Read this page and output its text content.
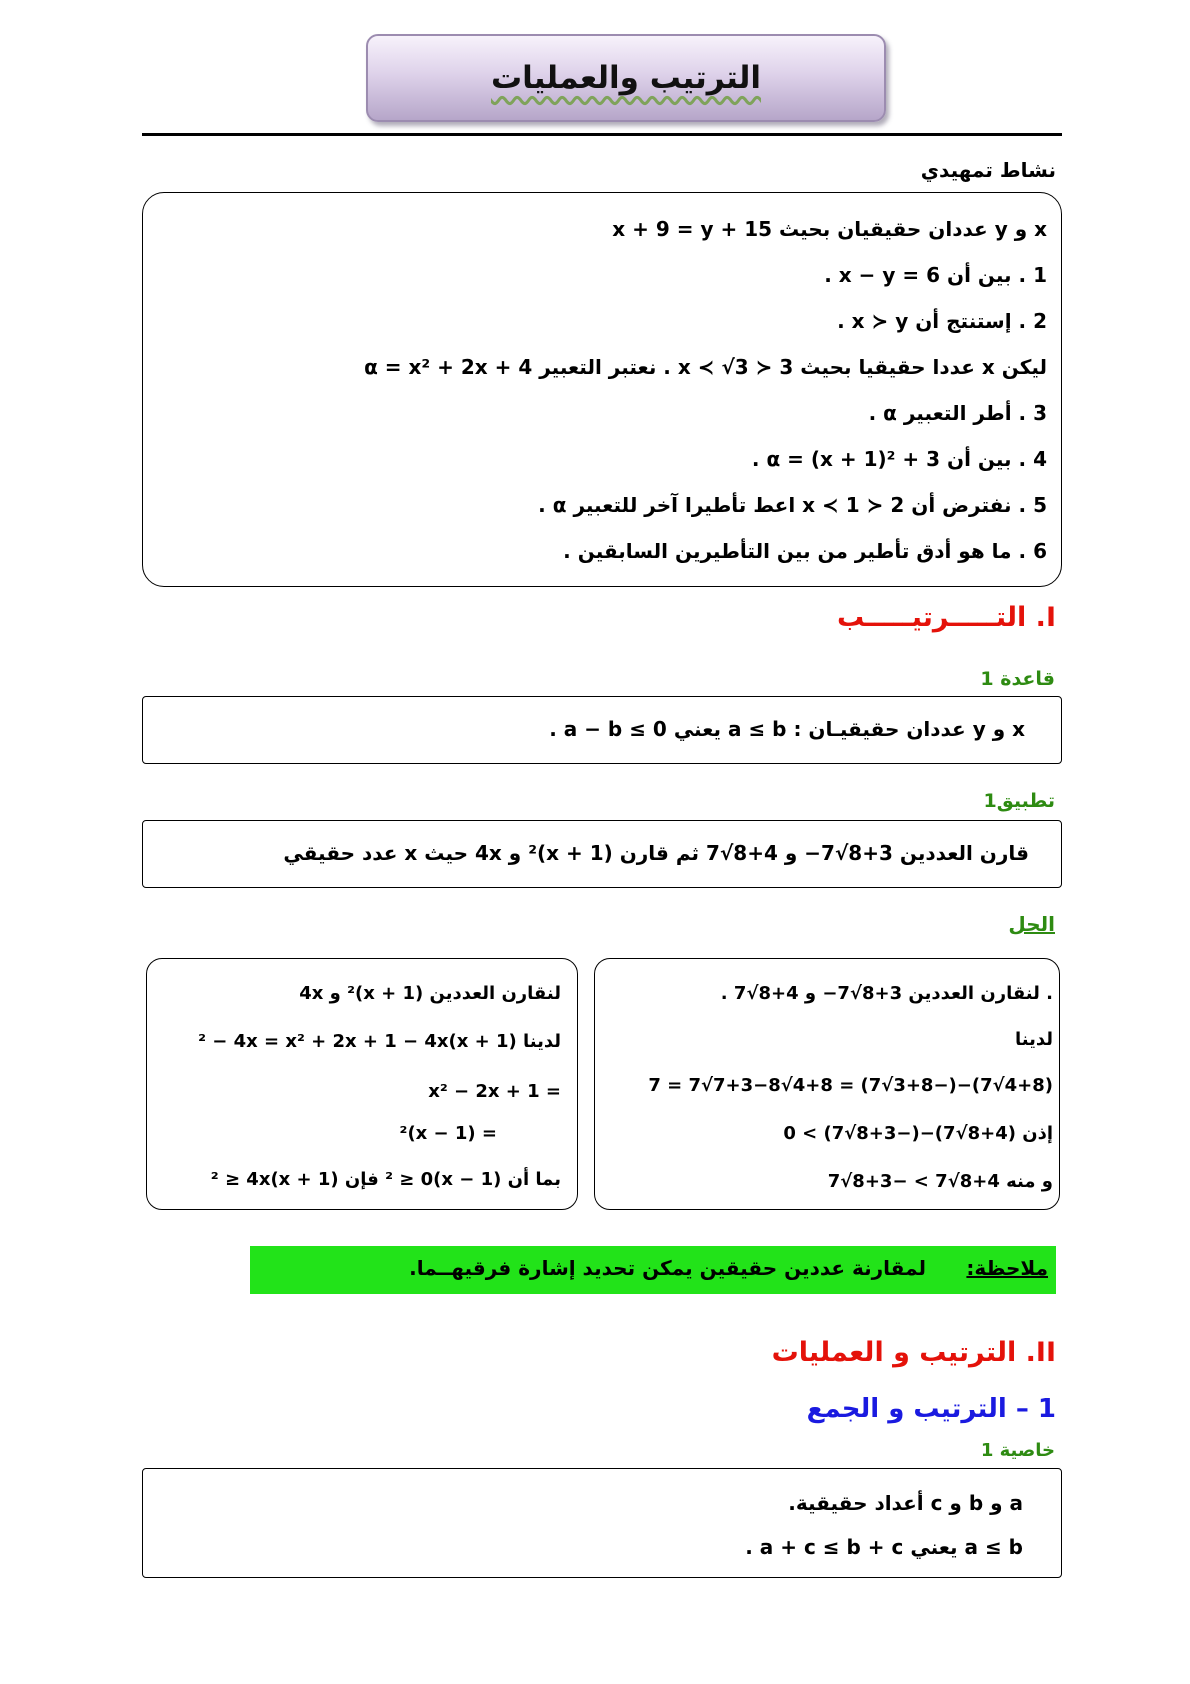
الترتيب والعمليات
نشاط تمهيدي
x و y عددان حقيقيان بحيث x + 9 = y + 15
1 . بين أن x − y = 6 .
2 . إستنتج أن x ≻ y .
ليكن x عددا حقيقيا بحيث 3 ≺ x ≺ √3 . نعتبر التعبير α = x² + 2x + 4
3 . أطر التعبير α .
4 . بين أن α = (x + 1)² + 3 .
5 . نفترض أن 2 ≺ x ≺ 1 اعط تأطيرا آخر للتعبير α .
6 . ما هو أدق تأطير من بين التأطيرين السابقين .
I. التـــــرتيـــــب
قاعدة 1
x و y عددان حقيقيـان : a ≤ b يعني a − b ≤ 0 .
تطبيق1
قارن العددين 3+8√7− و 4+8√7 ثم قارن (x + 1)² و 4x حيث x عدد حقيقي
الحل
. لنقارن العددين 3+8√7− و 4+8√7 .
لدينا
(4+8√7)−(−3+8√7) = 4+8√7+3−8√7 = 7
إذن (4+8√7)−(−3+8√7) > 0
و منه 4+8√7 > −3+8√7
لنقارن العددين (x + 1)² و 4x
لدينا (x + 1)² − 4x = x² + 2x + 1 − 4x
= x² − 2x + 1
= (x − 1)²
بما أن (x − 1)² ≥ 0 فإن (x + 1)² ≥ 4x
ملاحظة:
لمقارنة عددين حقيقين يمكن تحديد إشارة فرقيهــما.
II. الترتيب و العمليات
1 – الترتيب و الجمع
خاصية 1
a و b و c أعداد حقيقية.
a ≤ b يعني a + c ≤ b + c .
